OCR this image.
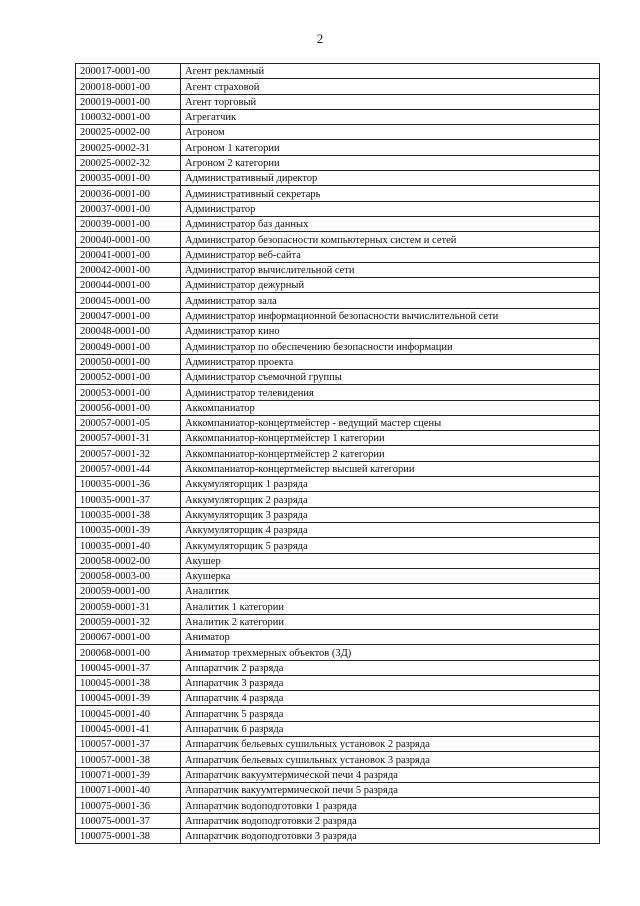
2
200017-0001-00	Агент рекламный
200018-0001-00	Агент страховой
200019-0001-00	Агент торговый
100032-0001-00	Агрегатчик
200025-0002-00	Агроном
200025-0002-31	Агроном 1 категории
200025-0002-32	Агроном 2 категории
200035-0001-00	Административный директор
200036-0001-00	Административный секретарь
200037-0001-00	Администратор
200039-0001-00	Администратор баз данных
200040-0001-00	Администратор безопасности компьютерных систем и сетей
200041-0001-00	Администратор веб-сайта
200042-0001-00	Администратор вычислительной сети
200044-0001-00	Администратор дежурный
200045-0001-00	Администратор зала
200047-0001-00	Администратор информационной безопасности вычислительной сети
200048-0001-00	Администратор кино
200049-0001-00	Администратор по обеспечению безопасности информации
200050-0001-00	Администратор проекта
200052-0001-00	Администратор съемочной группы
200053-0001-00	Администратор телевидения
200056-0001-00	Аккомпаниатор
200057-0001-05	Аккомпаниатор-концертмейстер - ведущий мастер сцены
200057-0001-31	Аккомпаниатор-концертмейстер 1 категории
200057-0001-32	Аккомпаниатор-концертмейстер 2 категории
200057-0001-44	Аккомпаниатор-концертмейстер высшей категории
100035-0001-36	Аккумуляторщик 1 разряда
100035-0001-37	Аккумуляторщик 2 разряда
100035-0001-38	Аккумуляторщик 3 разряда
100035-0001-39	Аккумуляторщик 4 разряда
100035-0001-40	Аккумуляторщик 5 разряда
200058-0002-00	Акушер
200058-0003-00	Акушерка
200059-0001-00	Аналитик
200059-0001-31	Аналитик 1 категории
200059-0001-32	Аналитик 2 категории
200067-0001-00	Аниматор
200068-0001-00	Аниматор трехмерных объектов (3Д)
100045-0001-37	Аппаратчик 2 разряда
100045-0001-38	Аппаратчик 3 разряда
100045-0001-39	Аппаратчик 4 разряда
100045-0001-40	Аппаратчик 5 разряда
100045-0001-41	Аппаратчик 6 разряда
100057-0001-37	Аппаратчик бельевых сушильных установок 2 разряда
100057-0001-38	Аппаратчик бельевых сушильных установок 3 разряда
100071-0001-39	Аппаратчик вакуумтермической печи 4 разряда
100071-0001-40	Аппаратчик вакуумтермической печи 5 разряда
100075-0001-36	Аппаратчик водоподготовки 1 разряда
100075-0001-37	Аппаратчик водоподготовки 2 разряда
100075-0001-38	Аппаратчик водоподготовки 3 разряда
